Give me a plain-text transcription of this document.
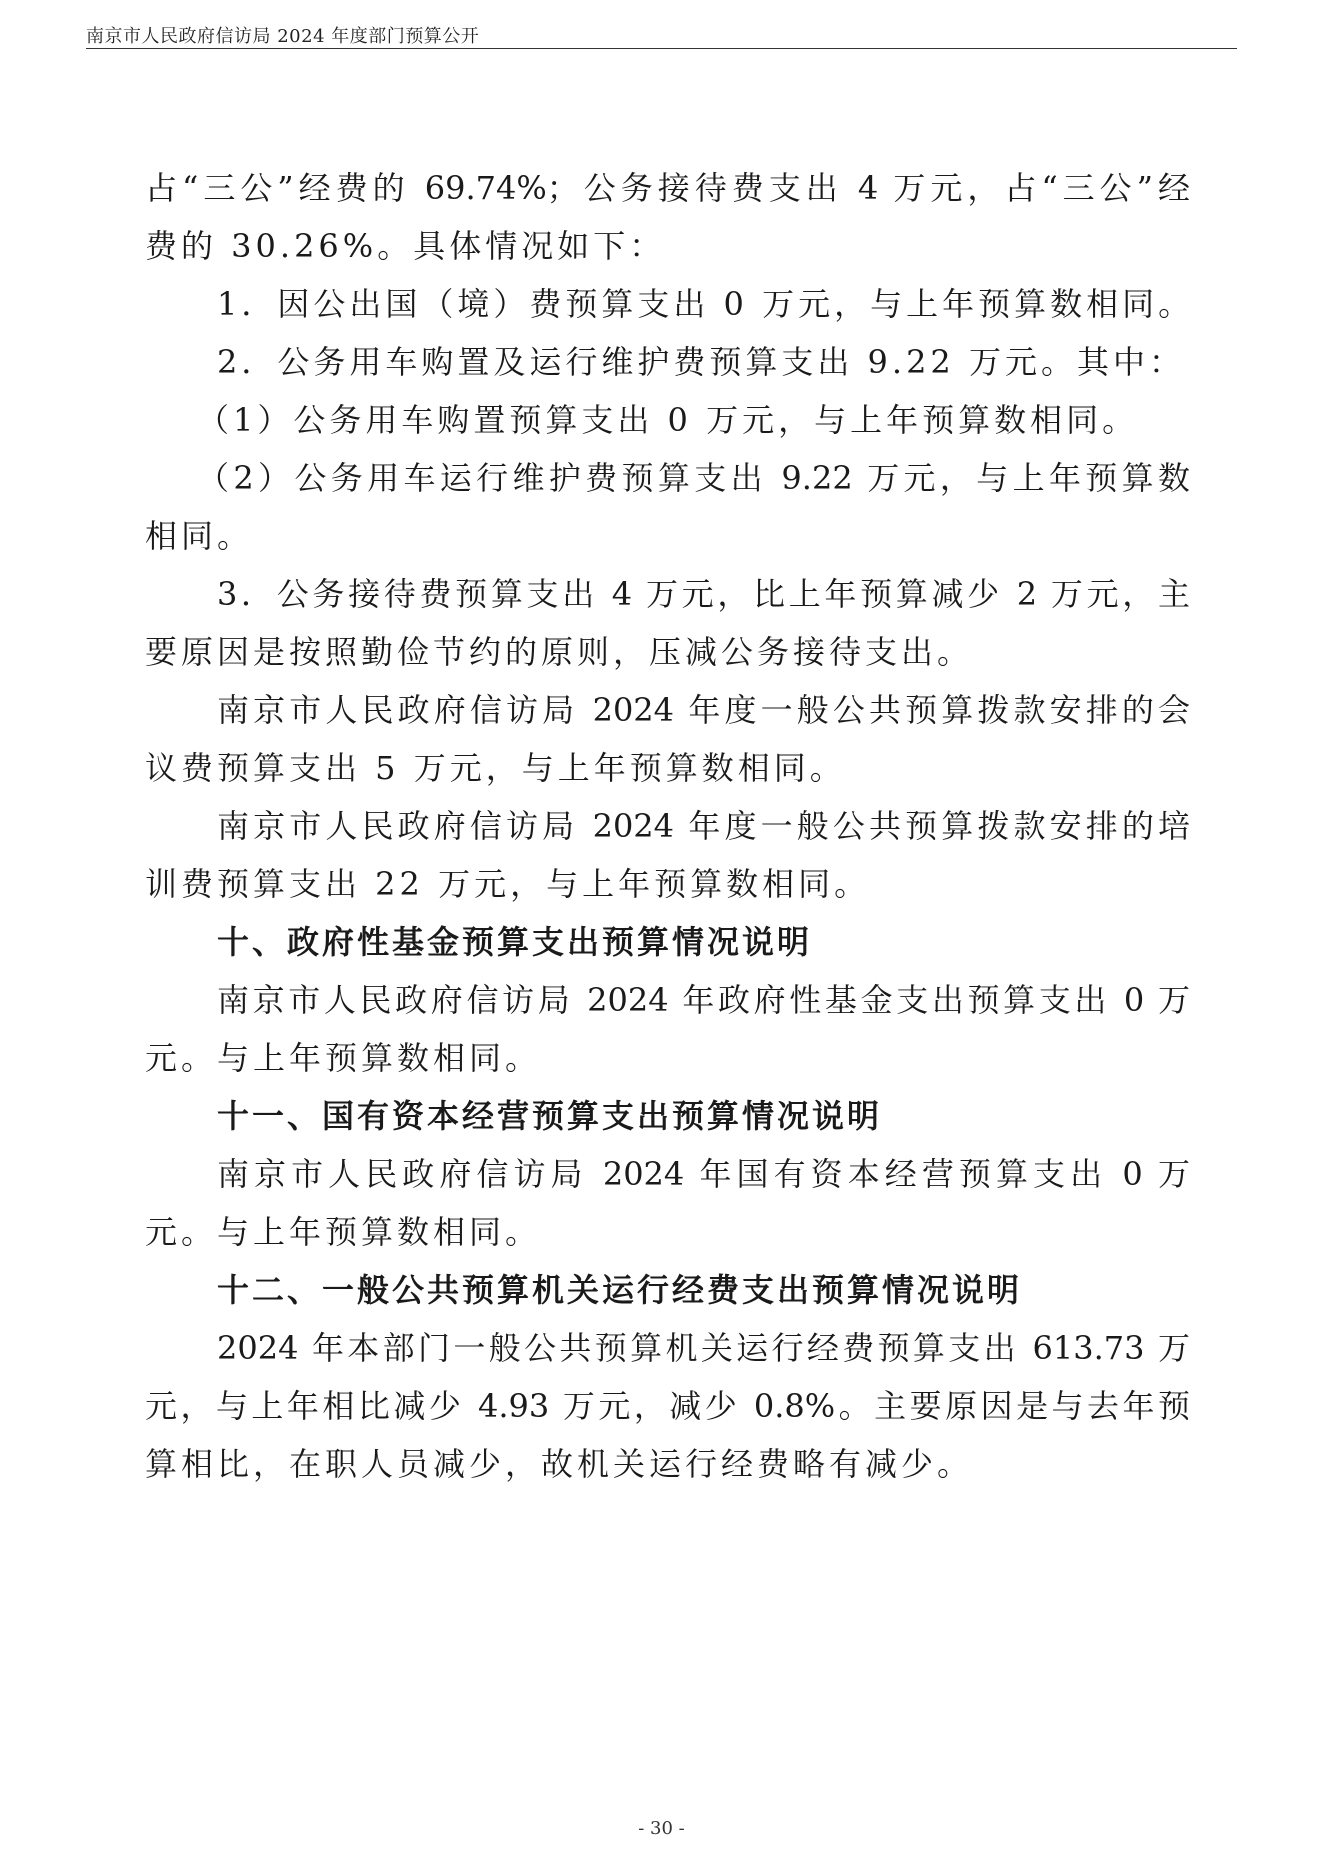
南京市人民政府信访局 2024 年度部门预算公开
占“三公”经费的 69.74%；公务接待费支出 4 万元，占“三公”经
费的 30.26%。具体情况如下：
1．因公出国（境）费预算支出 0 万元，与上年预算数相同。
2．公务用车购置及运行维护费预算支出 9.22 万元。其中：
（1）公务用车购置预算支出 0 万元，与上年预算数相同。
（2）公务用车运行维护费预算支出 9.22 万元，与上年预算数
相同。
3．公务接待费预算支出 4 万元，比上年预算减少 2 万元，主
要原因是按照勤俭节约的原则，压减公务接待支出。
南京市人民政府信访局 2024 年度一般公共预算拨款安排的会
议费预算支出 5 万元，与上年预算数相同。
南京市人民政府信访局 2024 年度一般公共预算拨款安排的培
训费预算支出 22 万元，与上年预算数相同。
十、政府性基金预算支出预算情况说明
南京市人民政府信访局 2024 年政府性基金支出预算支出 0 万
元。与上年预算数相同。
十一、国有资本经营预算支出预算情况说明
南京市人民政府信访局 2024 年国有资本经营预算支出 0 万
元。与上年预算数相同。
十二、一般公共预算机关运行经费支出预算情况说明
2024 年本部门一般公共预算机关运行经费预算支出 613.73 万
元，与上年相比减少 4.93 万元，减少 0.8%。主要原因是与去年预
算相比，在职人员减少，故机关运行经费略有减少。
- 30 -
